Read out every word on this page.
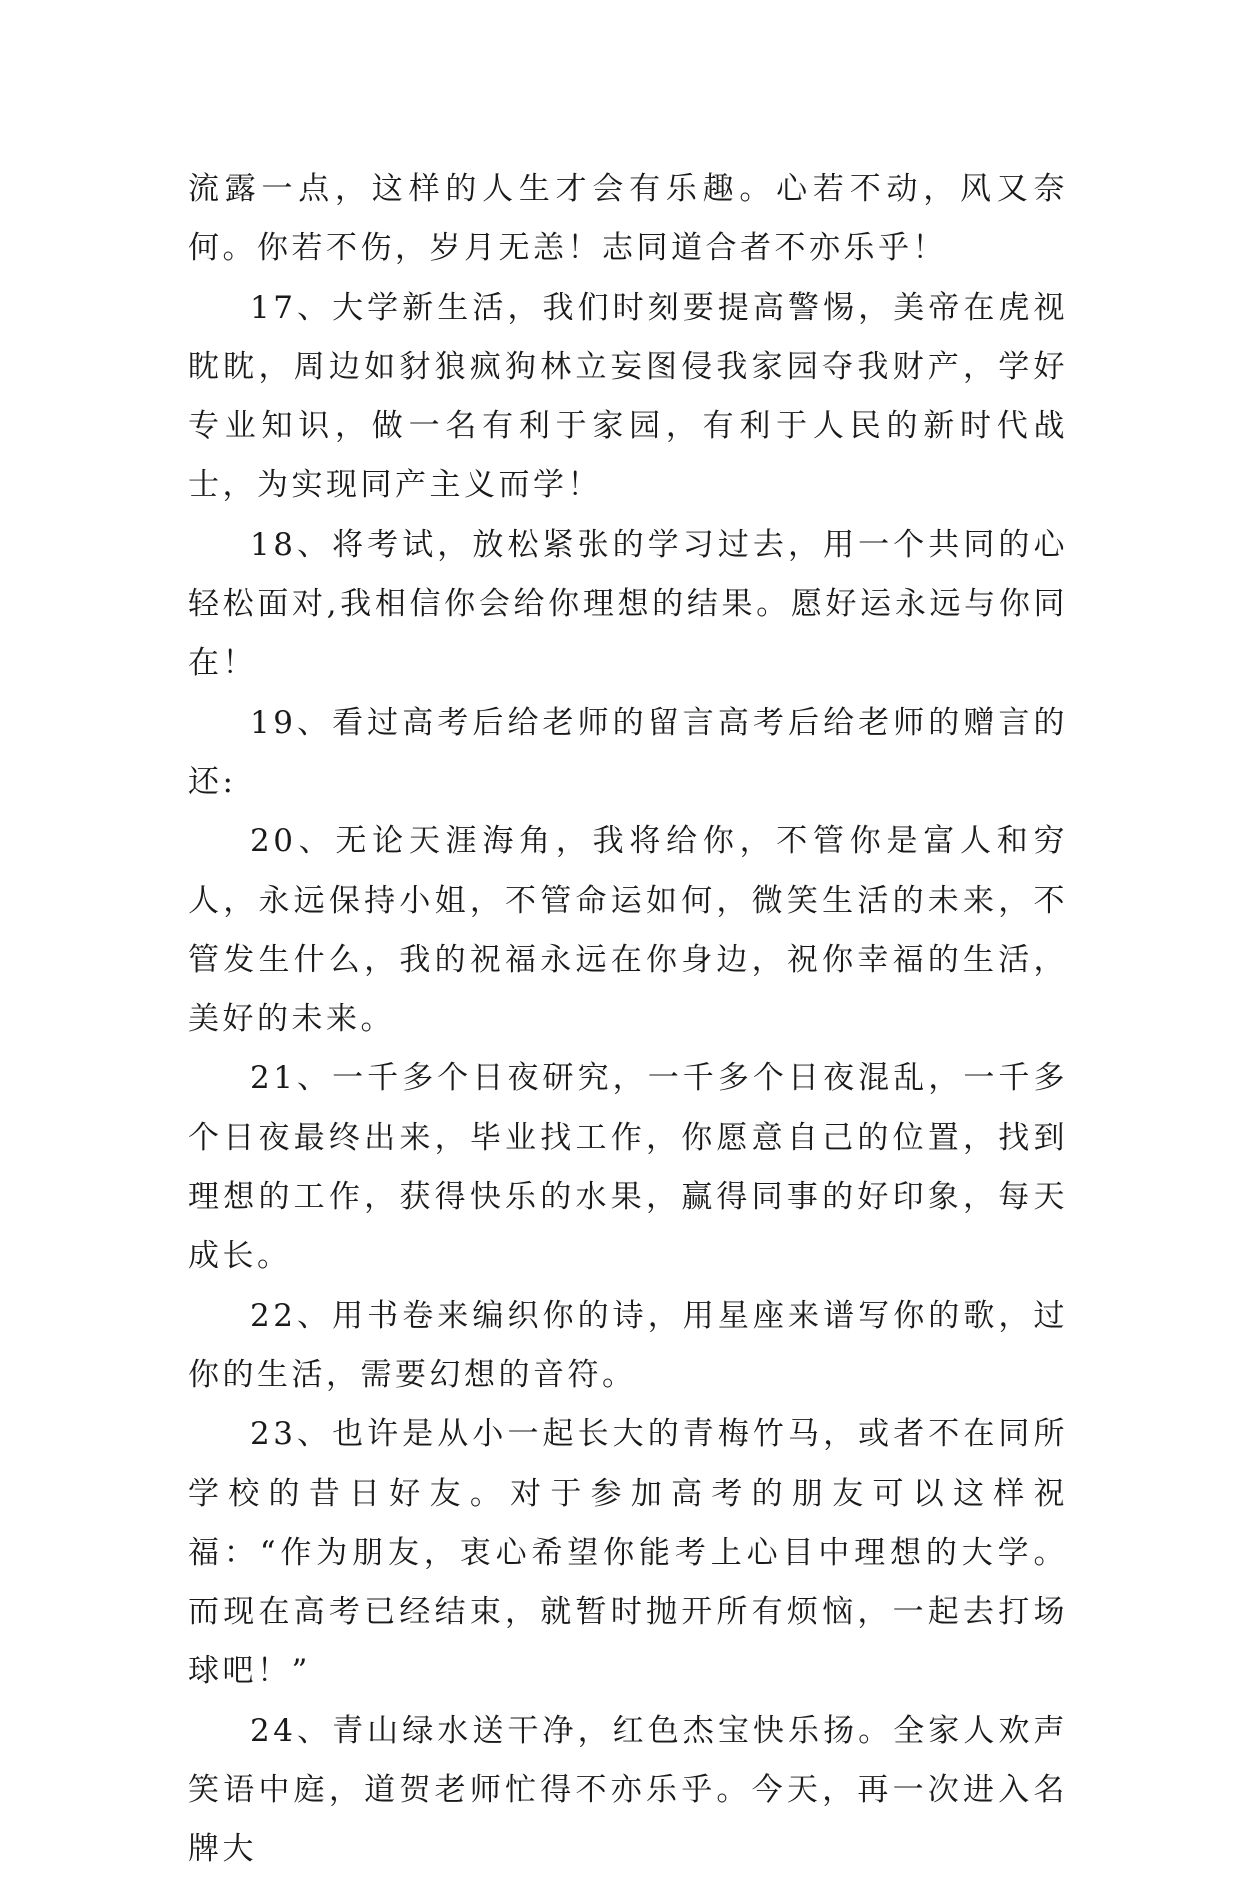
流露一点，这样的人生才会有乐趣。心若不动，风又奈何。你若不伤，岁月无恙！志同道合者不亦乐乎！

17、大学新生活，我们时刻要提高警惕，美帝在虎视眈眈，周边如豺狼疯狗林立妄图侵我家园夺我财产，学好专业知识，做一名有利于家园，有利于人民的新时代战士，为实现同产主义而学！

18、将考试，放松紧张的学习过去，用一个共同的心轻松面对,我相信你会给你理想的结果。愿好运永远与你同在！

19、看过高考后给老师的留言高考后给老师的赠言的还:

20、无论天涯海角，我将给你，不管你是富人和穷人，永远保持小姐，不管命运如何，微笑生活的未来，不管发生什么，我的祝福永远在你身边，祝你幸福的生活，美好的未来。

21、一千多个日夜研究，一千多个日夜混乱，一千多个日夜最终出来，毕业找工作，你愿意自己的位置，找到理想的工作，获得快乐的水果，赢得同事的好印象，每天成长。

22、用书卷来编织你的诗，用星座来谱写你的歌，过你的生活，需要幻想的音符。

23、也许是从小一起长大的青梅竹马，或者不在同所学校的昔日好友。对于参加高考的朋友可以这样祝福：“作为朋友，衷心希望你能考上心目中理想的大学。而现在高考已经结束，就暂时抛开所有烦恼，一起去打场球吧！”

24、青山绿水送干净，红色杰宝快乐扬。全家人欢声笑语中庭，道贺老师忙得不亦乐乎。今天，再一次进入名牌大
